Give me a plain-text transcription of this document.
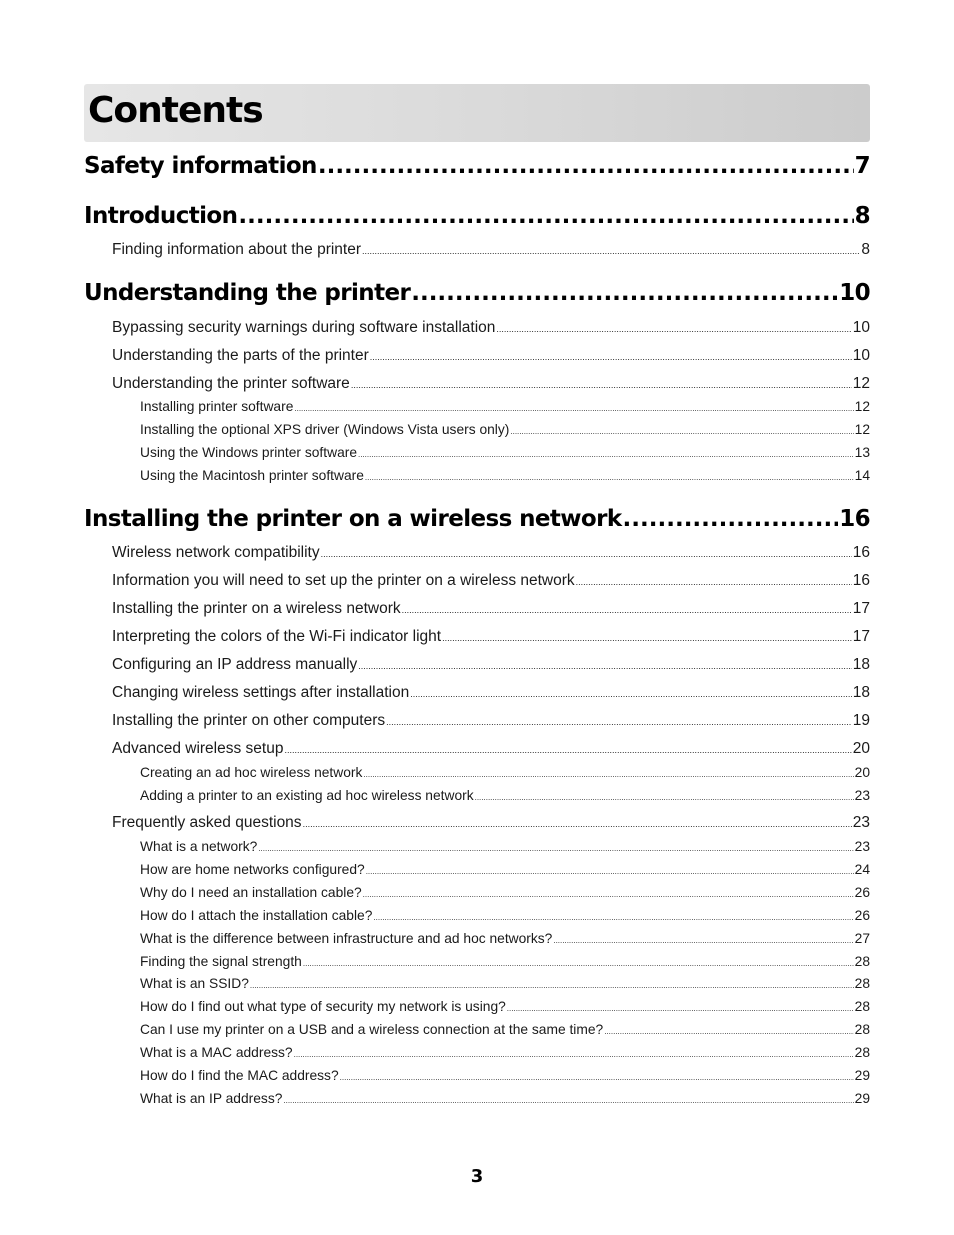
Contents
Safety information .....	7
Introduction .....	8
Finding information about the printer .....	8
Understanding the printer .....	10
Bypassing security warnings during software installation .....	10
Understanding the parts of the printer .....	10
Understanding the printer software .....	12
Installing printer software .....	12
Installing the optional XPS driver (Windows Vista users only) .....	12
Using the Windows printer software .....	13
Using the Macintosh printer software .....	14
Installing the printer on a wireless network .....	16
Wireless network compatibility .....	16
Information you will need to set up the printer on a wireless network .....	16
Installing the printer on a wireless network .....	17
Interpreting the colors of the Wi-Fi indicator light .....	17
Configuring an IP address manually .....	18
Changing wireless settings after installation .....	18
Installing the printer on other computers .....	19
Advanced wireless setup .....	20
Creating an ad hoc wireless network .....	20
Adding a printer to an existing ad hoc wireless network .....	23
Frequently asked questions .....	23
What is a network? .....	23
How are home networks configured? .....	24
Why do I need an installation cable? .....	26
How do I attach the installation cable? .....	26
What is the difference between infrastructure and ad hoc networks? .....	27
Finding the signal strength .....	28
What is an SSID? .....	28
How do I find out what type of security my network is using? .....	28
Can I use my printer on a USB and a wireless connection at the same time? .....	28
What is a MAC address? .....	28
How do I find the MAC address? .....	29
What is an IP address? .....	29
3
